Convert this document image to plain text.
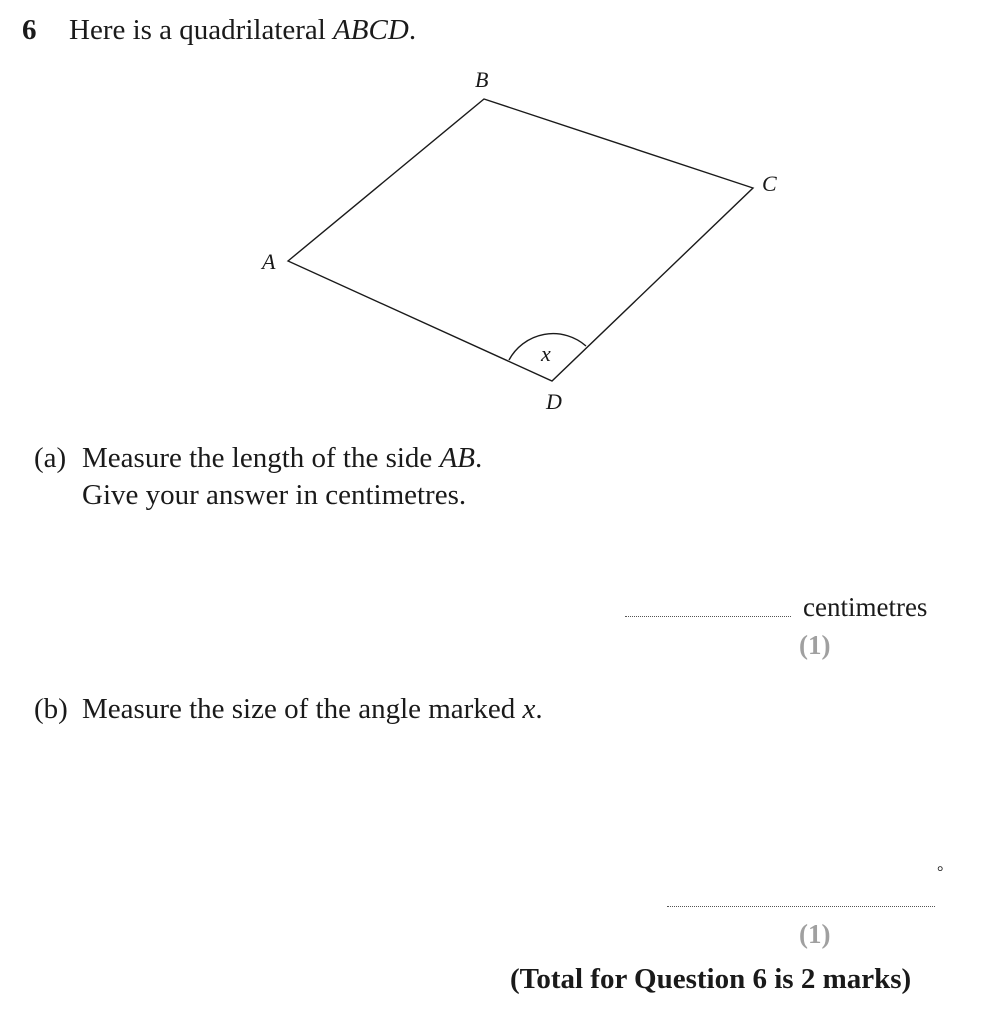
6 Here is a quadrilateral ABCD.
A
B
C
D
x
(a) Measure the length of the side AB.
Give your answer in centimetres.
centimetres
(1)
(b) Measure the size of the angle marked x.
°
(1)
(Total for Question 6 is 2 marks)
